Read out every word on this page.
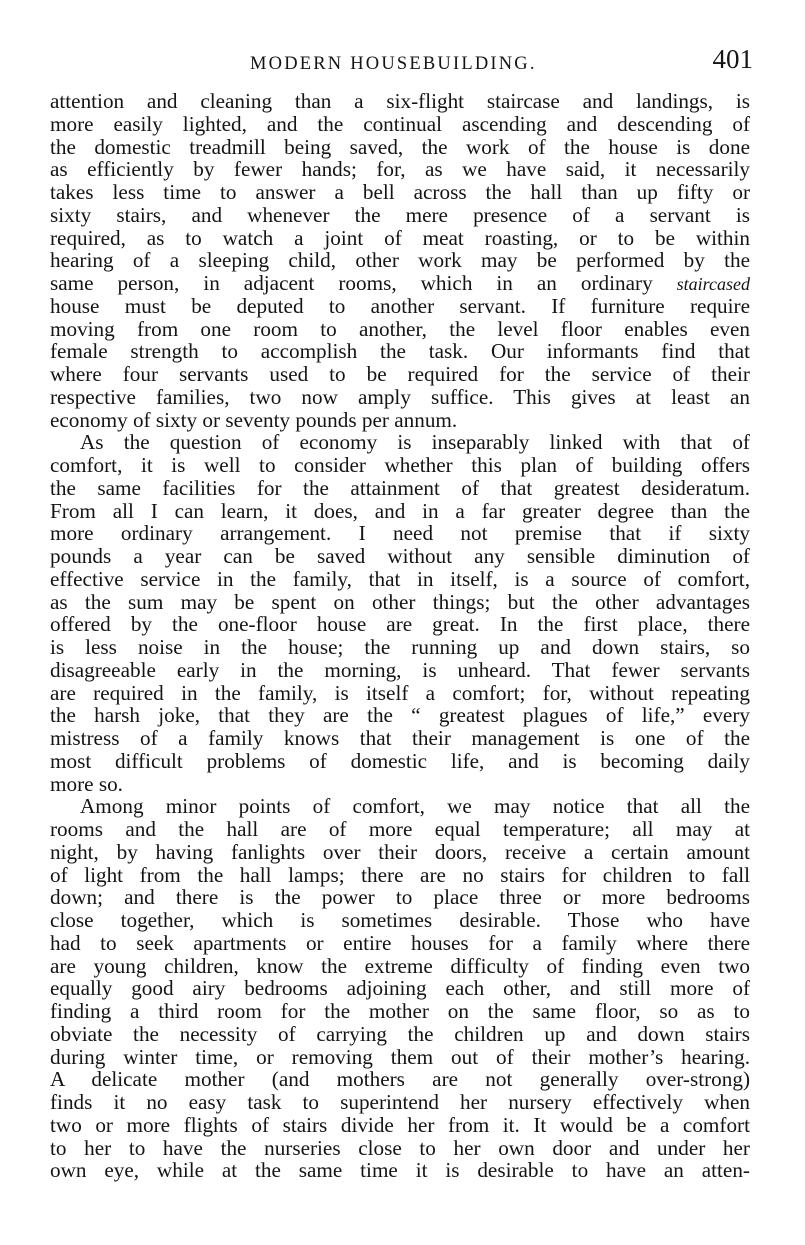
MODERN HOUSEBUILDING.	401
attention and cleaning than a six-flight staircase and landings, is
more easily lighted, and the continual ascending and descending of
the domestic treadmill being saved, the work of the house is done
as efficiently by fewer hands; for, as we have said, it necessarily
takes less time to answer a bell across the hall than up fifty or
sixty stairs, and whenever the mere presence of a servant is
required, as to watch a joint of meat roasting, or to be within
hearing of a sleeping child, other work may be performed by the
same person, in adjacent rooms, which in an ordinary staircased
house must be deputed to another servant. If furniture require
moving from one room to another, the level floor enables even
female strength to accomplish the task. Our informants find that
where four servants used to be required for the service of their
respective families, two now amply suffice. This gives at least an
economy of sixty or seventy pounds per annum.
As the question of economy is inseparably linked with that of
comfort, it is well to consider whether this plan of building offers
the same facilities for the attainment of that greatest desideratum.
From all I can learn, it does, and in a far greater degree than the
more ordinary arrangement. I need not premise that if sixty
pounds a year can be saved without any sensible diminution of
effective service in the family, that in itself, is a source of comfort,
as the sum may be spent on other things; but the other advantages
offered by the one-floor house are great. In the first place, there
is less noise in the house; the running up and down stairs, so
disagreeable early in the morning, is unheard. That fewer servants
are required in the family, is itself a comfort; for, without repeating
the harsh joke, that they are the “ greatest plagues of life,” every
mistress of a family knows that their management is one of the
most difficult problems of domestic life, and is becoming daily
more so.
Among minor points of comfort, we may notice that all the
rooms and the hall are of more equal temperature; all may at
night, by having fanlights over their doors, receive a certain amount
of light from the hall lamps; there are no stairs for children to fall
down; and there is the power to place three or more bedrooms
close together, which is sometimes desirable. Those who have
had to seek apartments or entire houses for a family where there
are young children, know the extreme difficulty of finding even two
equally good airy bedrooms adjoining each other, and still more of
finding a third room for the mother on the same floor, so as to
obviate the necessity of carrying the children up and down stairs
during winter time, or removing them out of their mother’s hearing.
A delicate mother (and mothers are not generally over-strong)
finds it no easy task to superintend her nursery effectively when
two or more flights of stairs divide her from it. It would be a comfort
to her to have the nurseries close to her own door and under her
own eye, while at the same time it is desirable to have an atten-
